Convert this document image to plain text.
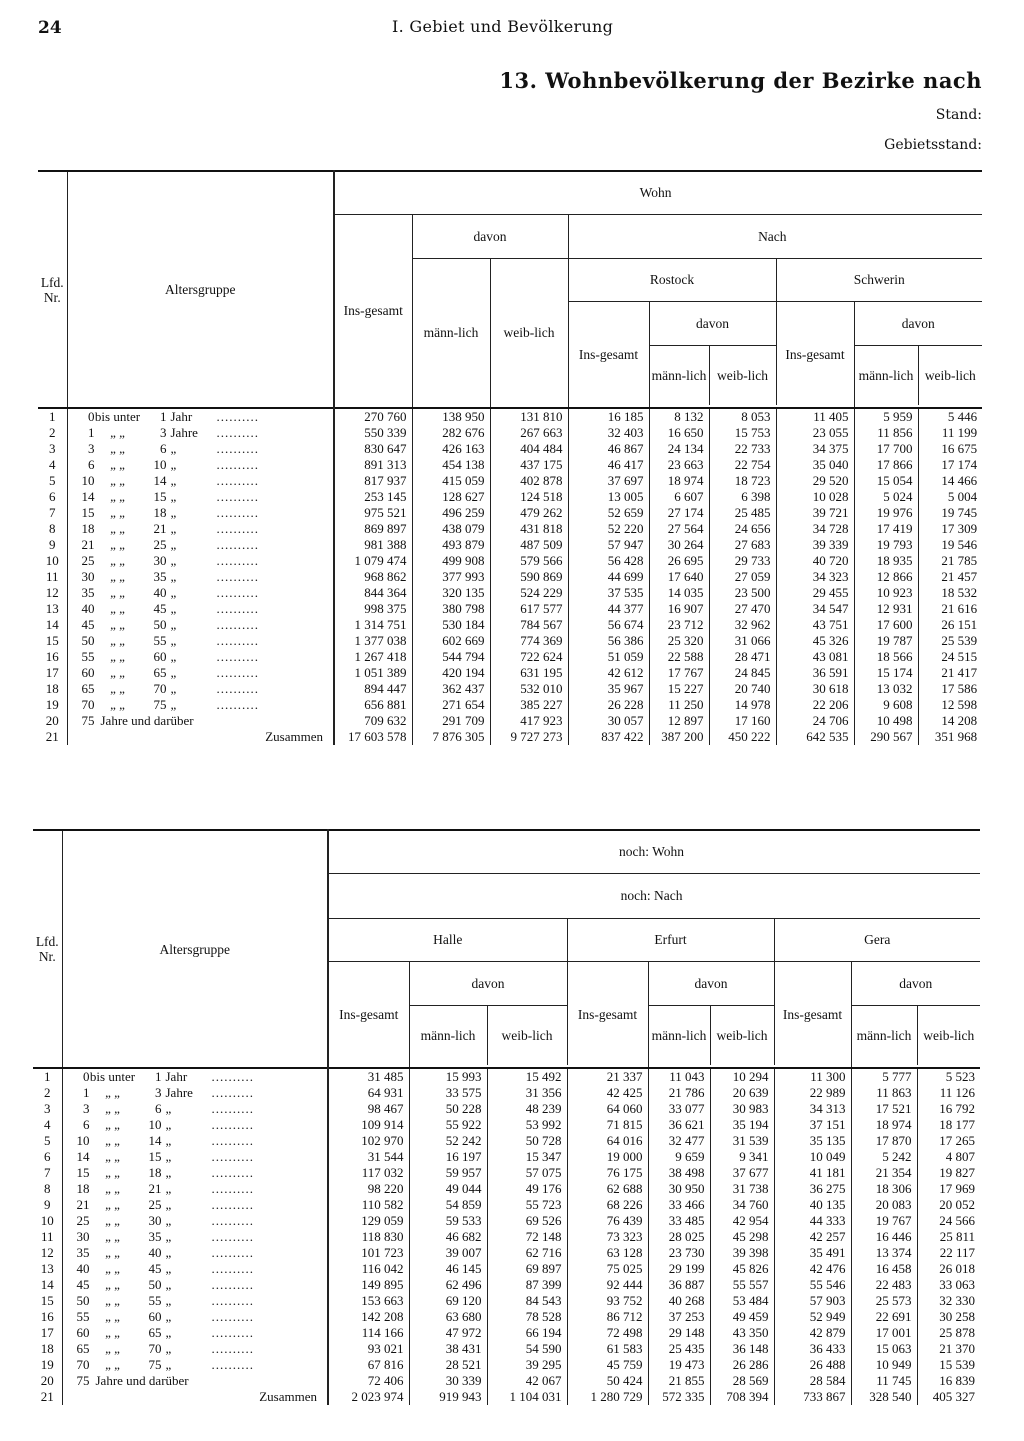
24	I. Gebiet und Bevölkerung
13. Wohnbevölkerung der Bezirke nach
Stand:
Gebietsstand:
Lfd. Nr.	Altersgruppe	Wohn								
		Ins-gesamt	davon		Nach					
			männ-lich	weib-lich	Rostock			Schwerin		
					Ins-gesamt	davon		Ins-gesamt	davon	
						männ-lich	weib-lich		männ-lich	weib-lich

1	0bis unter 1 Jahr ..........	270 760	138 950	131 810	16 185	8 132	8 053	11 405	5 959	5 446
2	1 „ „ 3 Jahre ..........	550 339	282 676	267 663	32 403	16 650	15 753	23 055	11 856	11 199
3	3 „ „ 6 „ ..........	830 647	426 163	404 484	46 867	24 134	22 733	34 375	17 700	16 675
4	6 „ „ 10 „ ..........	891 313	454 138	437 175	46 417	23 663	22 754	35 040	17 866	17 174
5	10 „ „ 14 „ ..........	817 937	415 059	402 878	37 697	18 974	18 723	29 520	15 054	14 466
6	14 „ „ 15 „ ..........	253 145	128 627	124 518	13 005	6 607	6 398	10 028	5 024	5 004
7	15 „ „ 18 „ ..........	975 521	496 259	479 262	52 659	27 174	25 485	39 721	19 976	19 745
8	18 „ „ 21 „ ..........	869 897	438 079	431 818	52 220	27 564	24 656	34 728	17 419	17 309
9	21 „ „ 25 „ ..........	981 388	493 879	487 509	57 947	30 264	27 683	39 339	19 793	19 546
10	25 „ „ 30 „ ..........	1 079 474	499 908	579 566	56 428	26 695	29 733	40 720	18 935	21 785
11	30 „ „ 35 „ ..........	968 862	377 993	590 869	44 699	17 640	27 059	34 323	12 866	21 457
12	35 „ „ 40 „ ..........	844 364	320 135	524 229	37 535	14 035	23 500	29 455	10 923	18 532
13	40 „ „ 45 „ ..........	998 375	380 798	617 577	44 377	16 907	27 470	34 547	12 931	21 616
14	45 „ „ 50 „ ..........	1 314 751	530 184	784 567	56 674	23 712	32 962	43 751	17 600	26 151
15	50 „ „ 55 „ ..........	1 377 038	602 669	774 369	56 386	25 320	31 066	45 326	19 787	25 539
16	55 „ „ 60 „ ..........	1 267 418	544 794	722 624	51 059	22 588	28 471	43 081	18 566	24 515
17	60 „ „ 65 „ ..........	1 051 389	420 194	631 195	42 612	17 767	24 845	36 591	15 174	21 417
18	65 „ „ 70 „ ..........	894 447	362 437	532 010	35 967	15 227	20 740	30 618	13 032	17 586
19	70 „ „ 75 „ ..........	656 881	271 654	385 227	26 228	11 250	14 978	22 206	9 608	12 598
20	75 Jahre und darüber	709 632	291 709	417 923	30 057	12 897	17 160	24 706	10 498	14 208
21	Zusammen	17 603 578	7 876 305	9 727 273	837 422	387 200	450 222	642 535	290 567	351 968
Lfd. Nr.	Altersgruppe	noch: Wohn								
		noch: Nach								
		Halle			Erfurt			Gera		
		Ins-gesamt	davon		Ins-gesamt	davon		Ins-gesamt	davon	
			männ-lich	weib-lich		männ-lich	weib-lich		männ-lich	weib-lich

1	0bis unter 1 Jahr ..........	31 485	15 993	15 492	21 337	11 043	10 294	11 300	5 777	5 523
2	1 „ „ 3 Jahre ..........	64 931	33 575	31 356	42 425	21 786	20 639	22 989	11 863	11 126
3	3 „ „ 6 „ ..........	98 467	50 228	48 239	64 060	33 077	30 983	34 313	17 521	16 792
4	6 „ „ 10 „ ..........	109 914	55 922	53 992	71 815	36 621	35 194	37 151	18 974	18 177
5	10 „ „ 14 „ ..........	102 970	52 242	50 728	64 016	32 477	31 539	35 135	17 870	17 265
6	14 „ „ 15 „ ..........	31 544	16 197	15 347	19 000	9 659	9 341	10 049	5 242	4 807
7	15 „ „ 18 „ ..........	117 032	59 957	57 075	76 175	38 498	37 677	41 181	21 354	19 827
8	18 „ „ 21 „ ..........	98 220	49 044	49 176	62 688	30 950	31 738	36 275	18 306	17 969
9	21 „ „ 25 „ ..........	110 582	54 859	55 723	68 226	33 466	34 760	40 135	20 083	20 052
10	25 „ „ 30 „ ..........	129 059	59 533	69 526	76 439	33 485	42 954	44 333	19 767	24 566
11	30 „ „ 35 „ ..........	118 830	46 682	72 148	73 323	28 025	45 298	42 257	16 446	25 811
12	35 „ „ 40 „ ..........	101 723	39 007	62 716	63 128	23 730	39 398	35 491	13 374	22 117
13	40 „ „ 45 „ ..........	116 042	46 145	69 897	75 025	29 199	45 826	42 476	16 458	26 018
14	45 „ „ 50 „ ..........	149 895	62 496	87 399	92 444	36 887	55 557	55 546	22 483	33 063
15	50 „ „ 55 „ ..........	153 663	69 120	84 543	93 752	40 268	53 484	57 903	25 573	32 330
16	55 „ „ 60 „ ..........	142 208	63 680	78 528	86 712	37 253	49 459	52 949	22 691	30 258
17	60 „ „ 65 „ ..........	114 166	47 972	66 194	72 498	29 148	43 350	42 879	17 001	25 878
18	65 „ „ 70 „ ..........	93 021	38 431	54 590	61 583	25 435	36 148	36 433	15 063	21 370
19	70 „ „ 75 „ ..........	67 816	28 521	39 295	45 759	19 473	26 286	26 488	10 949	15 539
20	75 Jahre und darüber	72 406	30 339	42 067	50 424	21 855	28 569	28 584	11 745	16 839
21	Zusammen	2 023 974	919 943	1 104 031	1 280 729	572 335	708 394	733 867	328 540	405 327
